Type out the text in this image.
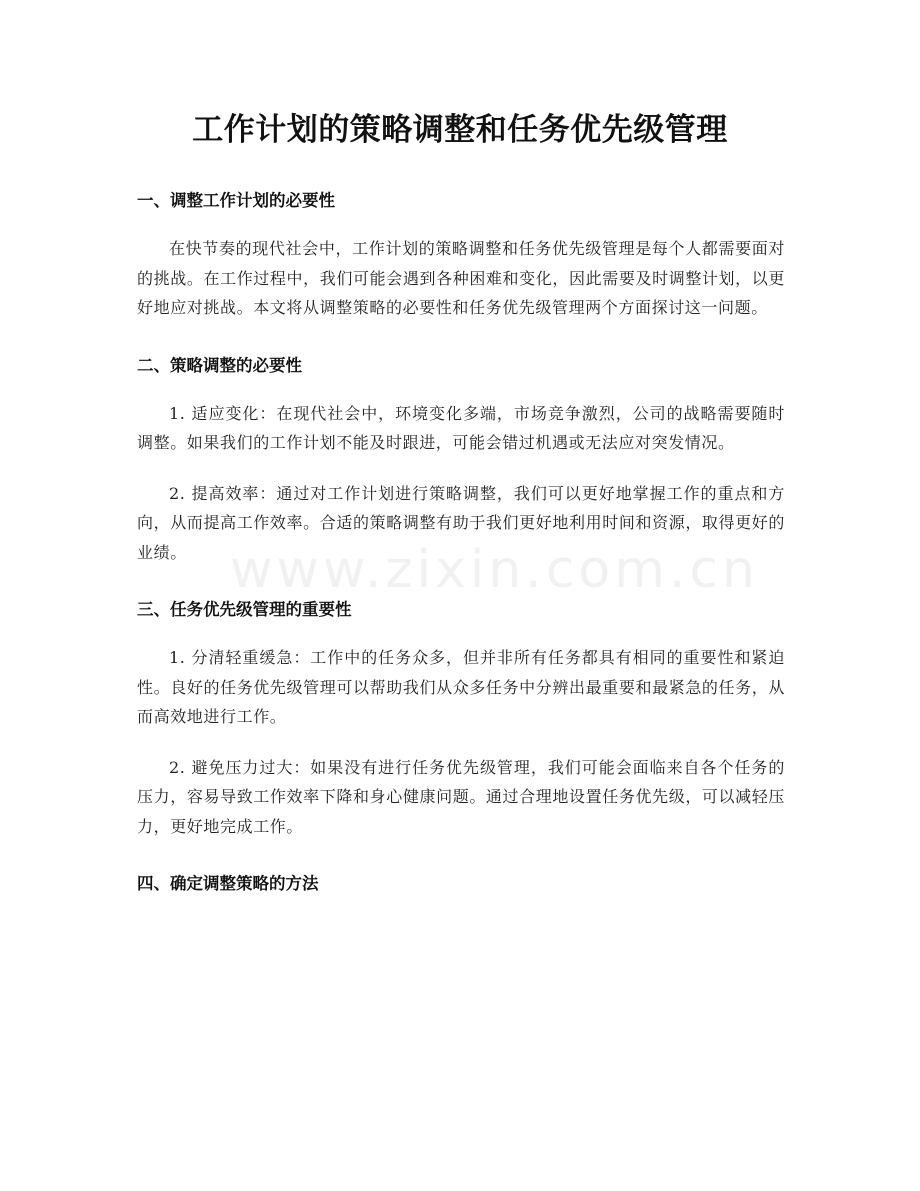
www.zixin.com.cn
工作计划的策略调整和任务优先级管理
一、调整工作计划的必要性

在快节奏的现代社会中，工作计划的策略调整和任务优先级管理是每个人都需要面对的挑战。在工作过程中，我们可能会遇到各种困难和变化，因此需要及时调整计划，以更好地应对挑战。本文将从调整策略的必要性和任务优先级管理两个方面探讨这一问题。

二、策略调整的必要性

1. 适应变化：在现代社会中，环境变化多端，市场竞争激烈，公司的战略需要随时调整。如果我们的工作计划不能及时跟进，可能会错过机遇或无法应对突发情况。

2. 提高效率：通过对工作计划进行策略调整，我们可以更好地掌握工作的重点和方向，从而提高工作效率。合适的策略调整有助于我们更好地利用时间和资源，取得更好的业绩。

三、任务优先级管理的重要性

1. 分清轻重缓急：工作中的任务众多，但并非所有任务都具有相同的重要性和紧迫性。良好的任务优先级管理可以帮助我们从众多任务中分辨出最重要和最紧急的任务，从而高效地进行工作。

2. 避免压力过大：如果没有进行任务优先级管理，我们可能会面临来自各个任务的压力，容易导致工作效率下降和身心健康问题。通过合理地设置任务优先级，可以减轻压力，更好地完成工作。

四、确定调整策略的方法
